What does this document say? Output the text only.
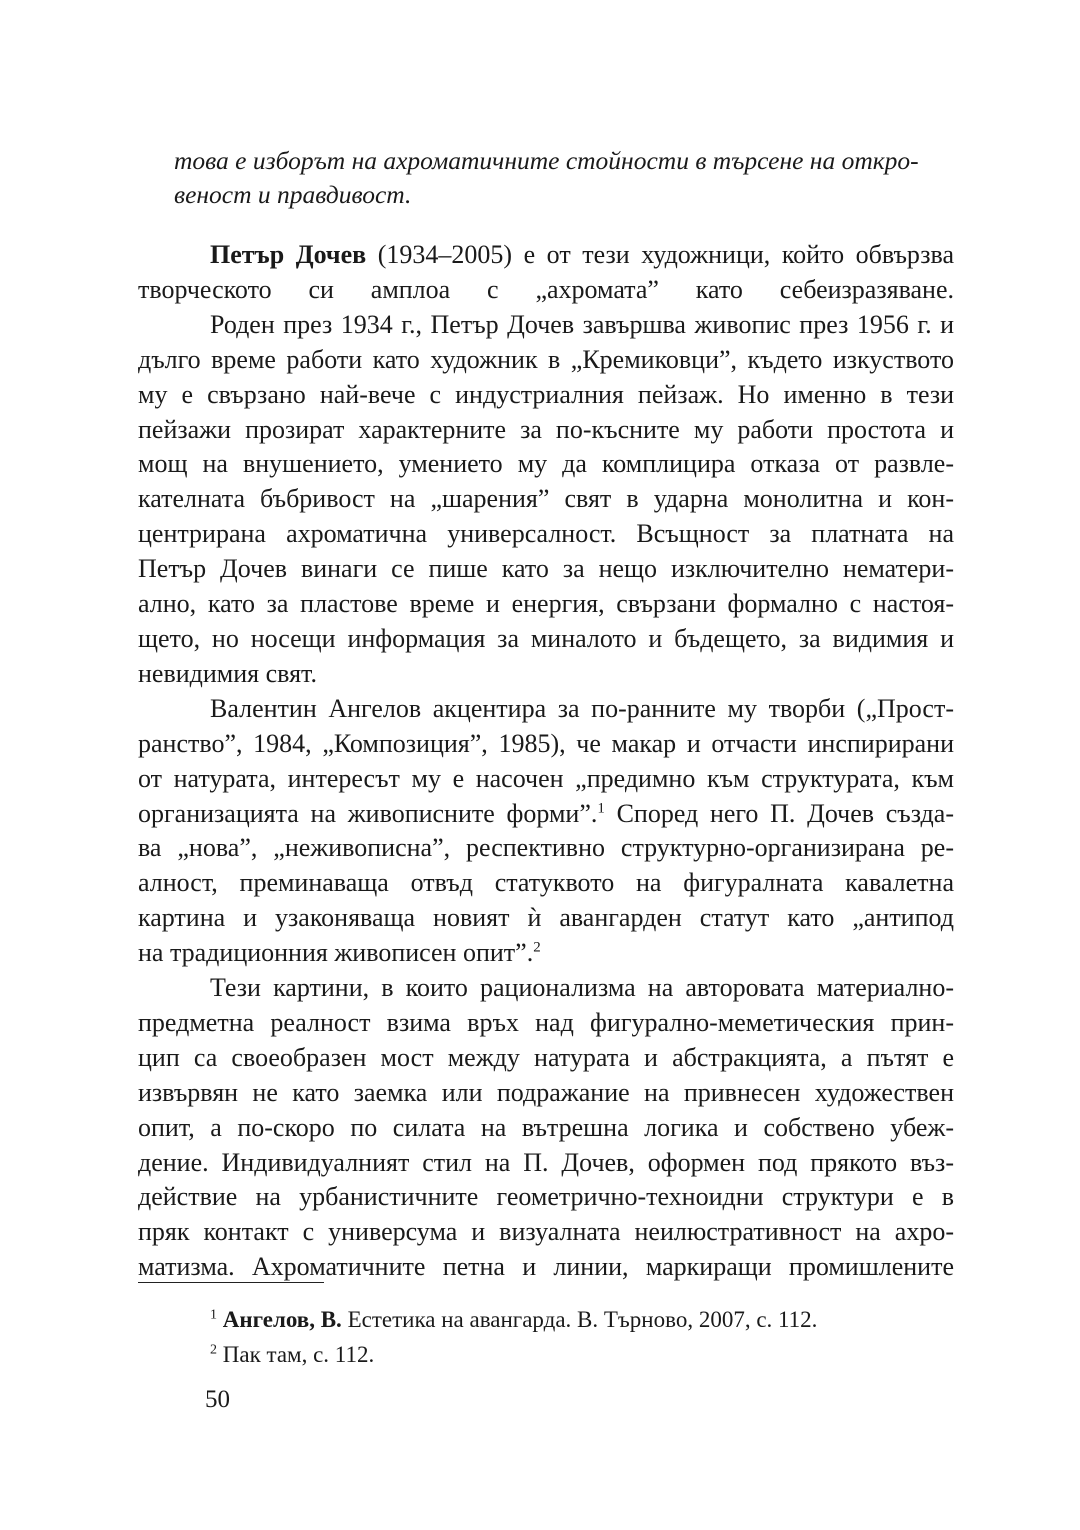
това е изборът на ахроматичните стойности в търсене на откро-

веност и правдивост.

Петър Дочев (1934–2005) е от тези художници, който обвързва
творческото си амплоа с „ахромата” като себеизразяване.
Роден през 1934 г., Петър Дочев завършва живопис през 1956 г. и
дълго време работи като художник в „Кремиковци”, където изкуството
му е свързано най-вече с индустриалния пейзаж. Но именно в тези
пейзажи прозират характерните за по-късните му работи простота и
мощ на внушението, умението му да комплицира отказа от развле-
кателната бъбривост на „шарения” свят в ударна монолитна и кон-
центрирана ахроматична универсалност. Всъщност за платната на
Петър Дочев винаги се пише като за нещо изключително нематери-
ално, като за пластове време и енергия, свързани формално с настоя-
щето, но носещи информация за миналото и бъдещето, за видимия и
невидимия свят.
Валентин Ангелов акцентира за по-ранните му творби („Прост-
ранство”, 1984, „Композиция”, 1985), че макар и отчасти инспирирани
от натурата, интересът му е насочен „предимно към структурата, към
организацията на живописните форми”.$^1$ Според него П. Дочев създа-
ва „нова”, „неживописна”, респективно структурно-организирана ре-
алност, преминаваща отвъд статуквото на фигуралната кавалетна
картина и узаконяваща новият ѝ авангарден статут като „антипод
на традиционния живописен опит”.$^2$
Тези картини, в които рационализма на авторовата материално-
предметна реалност взима връх над фигурално-меметическия прин-
цип са своеобразен мост между натурата и абстракцията, а пътят е
извървян не като заемка или подражание на привнесен художествен
опит, а по-скоро по силата на вътрешна логика и собствено убеж-
дение. Индивидуалният стил на П. Дочев, оформен под прякото въз-
действие на урбанистичните геометрично-техноидни структури е в
пряк контакт с универсума и визуалната неилюстративност на ахро-
матизма. Ахроматичните петна и линии, маркиращи промишлените

$^1$ Ангелов, В. Естетика на авангарда. В. Търново, 2007, с. 112.

$^2$ Пак там, с. 112.

50
